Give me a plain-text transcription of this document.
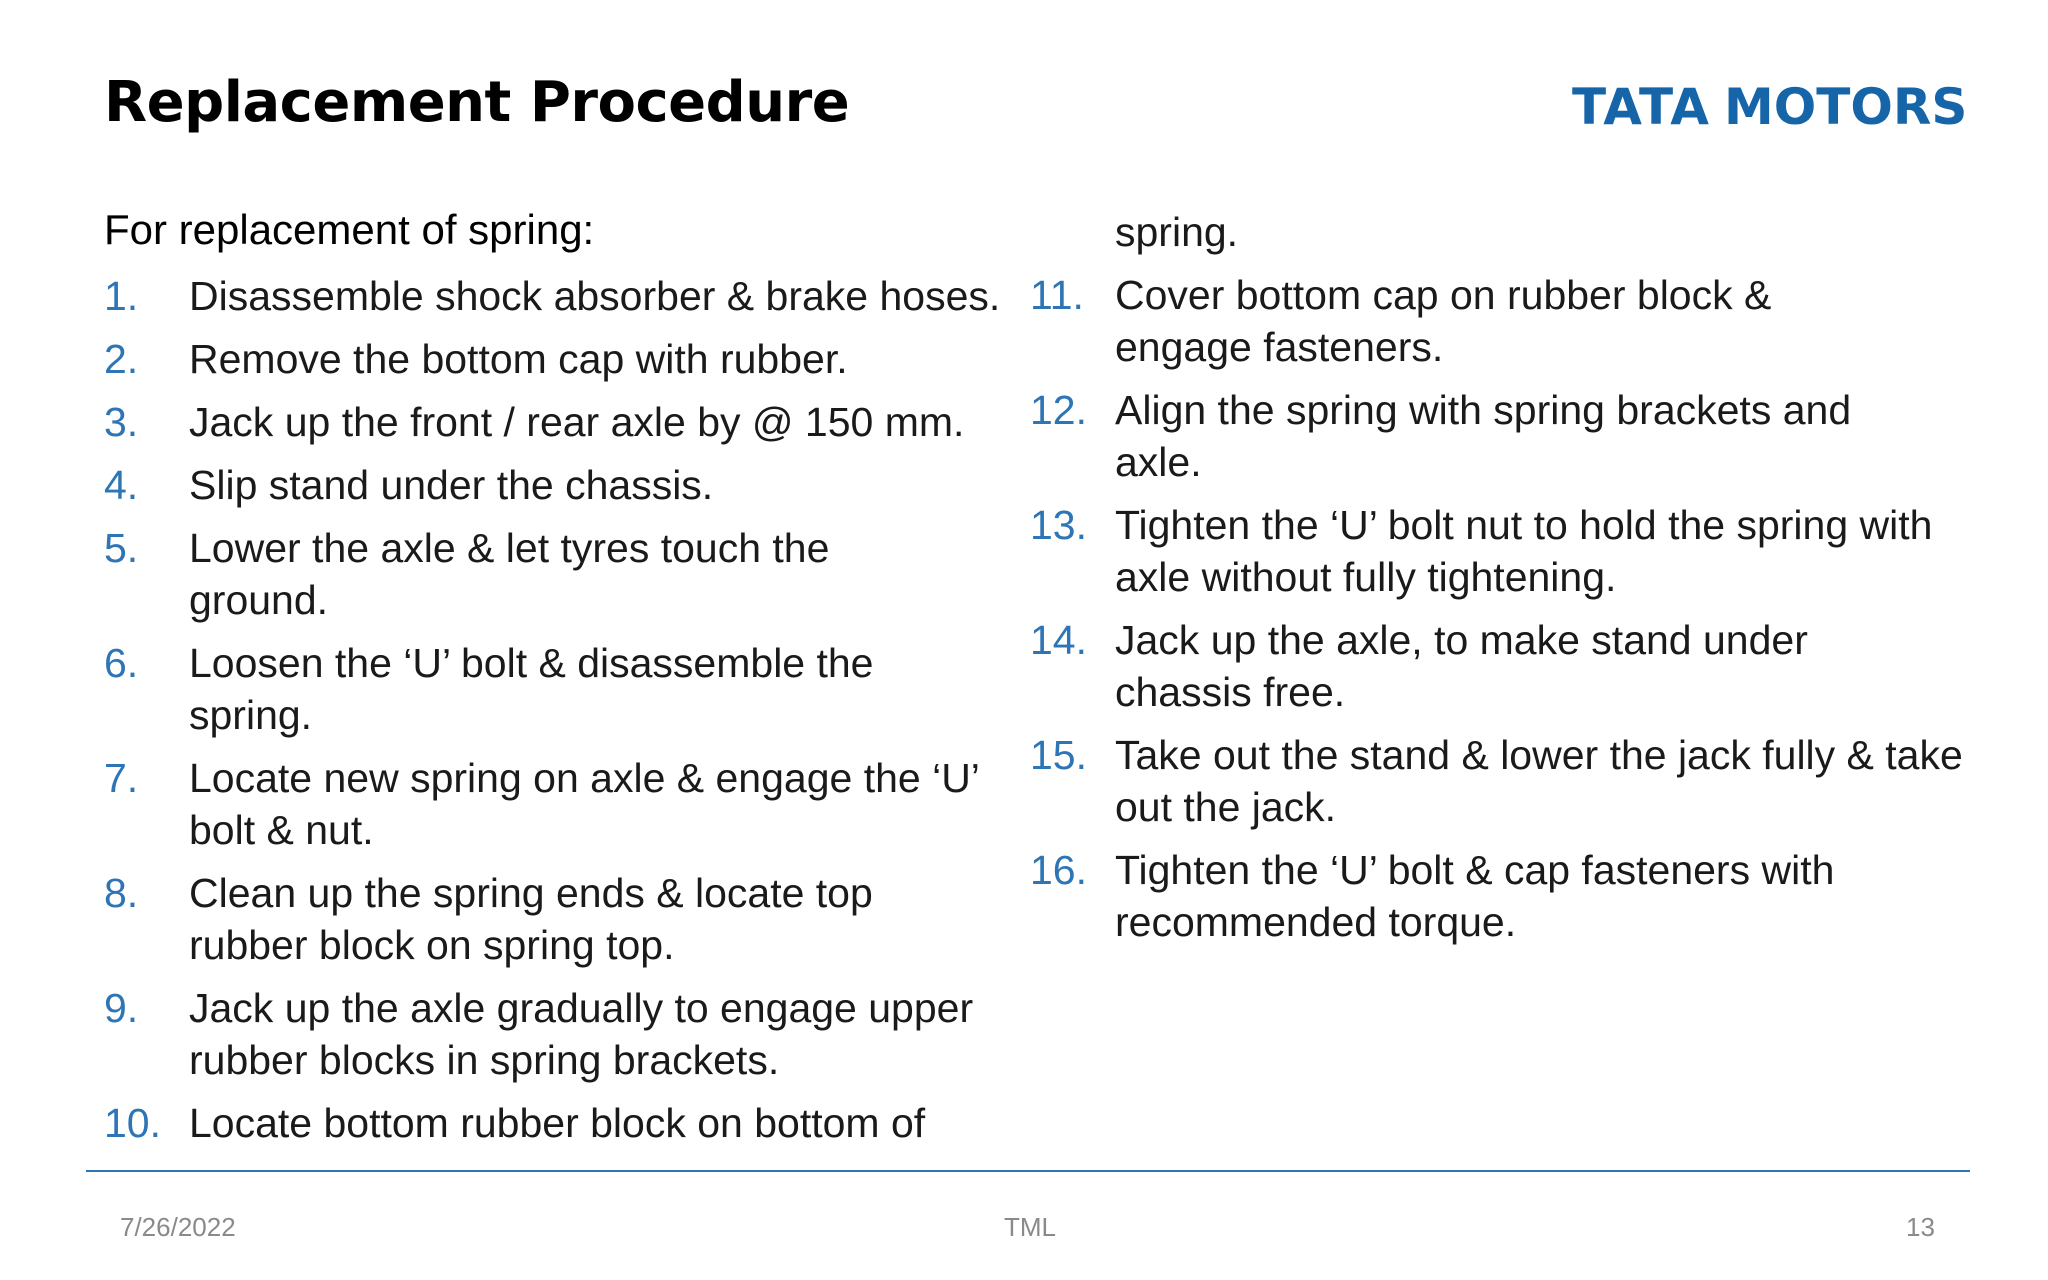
Replacement Procedure	TATA MOTORS
For replacement of spring:
1. Disassemble shock absorber & brake hoses.
2. Remove the bottom cap with rubber.
3. Jack up the front / rear axle by @ 150 mm.
4. Slip stand under the chassis.
5. Lower the axle & let tyres touch the ground.
6. Loosen the ‘U’ bolt & disassemble the spring.
7. Locate new spring on axle & engage the ‘U’ bolt & nut.
8. Clean up the spring ends & locate top rubber block on spring top.
9. Jack up the axle gradually to engage upper rubber blocks in spring brackets.
10. Locate bottom rubber block on bottom of
spring.
11. Cover bottom cap on rubber block & engage fasteners.
12. Align the spring with spring brackets and axle.
13. Tighten the ‘U’ bolt nut to hold the spring with axle without fully tightening.
14. Jack up the axle, to make stand under chassis free.
15. Take out the stand & lower the jack fully & take out the jack.
16. Tighten the ‘U’ bolt & cap fasteners with recommended torque.
7/26/2022	TML	13
